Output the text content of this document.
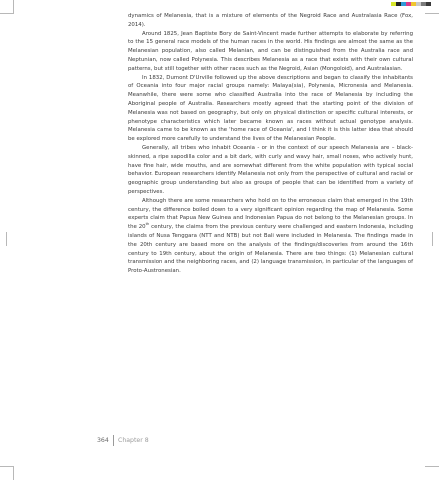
dynamics of Melanesia, that is a mixture of elements of the Negroid Race and Australasia Race (Fox, 2014).

Around 1825, Jean Baptiste Bory de Saint-Vincent made further attempts to elaborate by referring to the 15 general race models of the human races in the world. His findings are almost the same as the Melanesian population, also called Melanian, and can be distinguished from the Australia race and Neptunian, now called Polynesia. This describes Melanesia as a race that exists with their own cultural patterns, but still together with other races such as the Negroid, Asian (Mongoloid), and Australasian.

In 1832, Dumont D'Urville followed up the above descriptions and began to classify the inhabitants of Oceania into four major racial groups namely: Malaya(sia), Polynesia, Micronesia and Melanesia. Meanwhile, there were some who classified Australia into the race of Melanesia by including the Aboriginal people of Australia. Researchers mostly agreed that the starting point of the division of Melanesia was not based on geography, but only on physical distinction or specific cultural interests, or phenotype characteristics which later became known as races without actual genotype analysis. Melanesia came to be known as the 'home race of Oceania', and I think it is this latter idea that should be explored more carefully to understand the lives of the Melanesian People.

Generally, all tribes who inhabit Oceania - or in the context of our speech Melanesia are – black-skinned, a ripe sapodilla color and a bit dark, with curly and wavy hair, small noses, who actively hunt, have fine hair, wide mouths, and are somewhat different from the white population with typical social behavior. European researchers identify Melanesia not only from the perspective of cultural and racial or geographic group understanding but also as groups of people that can be identified from a variety of perspectives.

Although there are some researchers who hold on to the erroneous claim that emerged in the 19th century, the difference boiled down to a very significant opinion regarding the map of Melanesia. Some experts claim that Papua New Guinea and Indonesian Papua do not belong to the Melanesian groups. In the 20th century, the claims from the previous century were challenged and eastern Indonesia, including islands of Nusa Tenggara (NTT and NTB) but not Bali were included in Melanesia. The findings made in the 20th century are based more on the analysis of the findings/discoveries from around the 16th century to 19th century, about the origin of Melanesia. There are two things: (1) Melanesian cultural transmission and the neighboring races, and (2) language transmission, in particular of the languages of Proto-Austronesian.

364 Chapter 8
